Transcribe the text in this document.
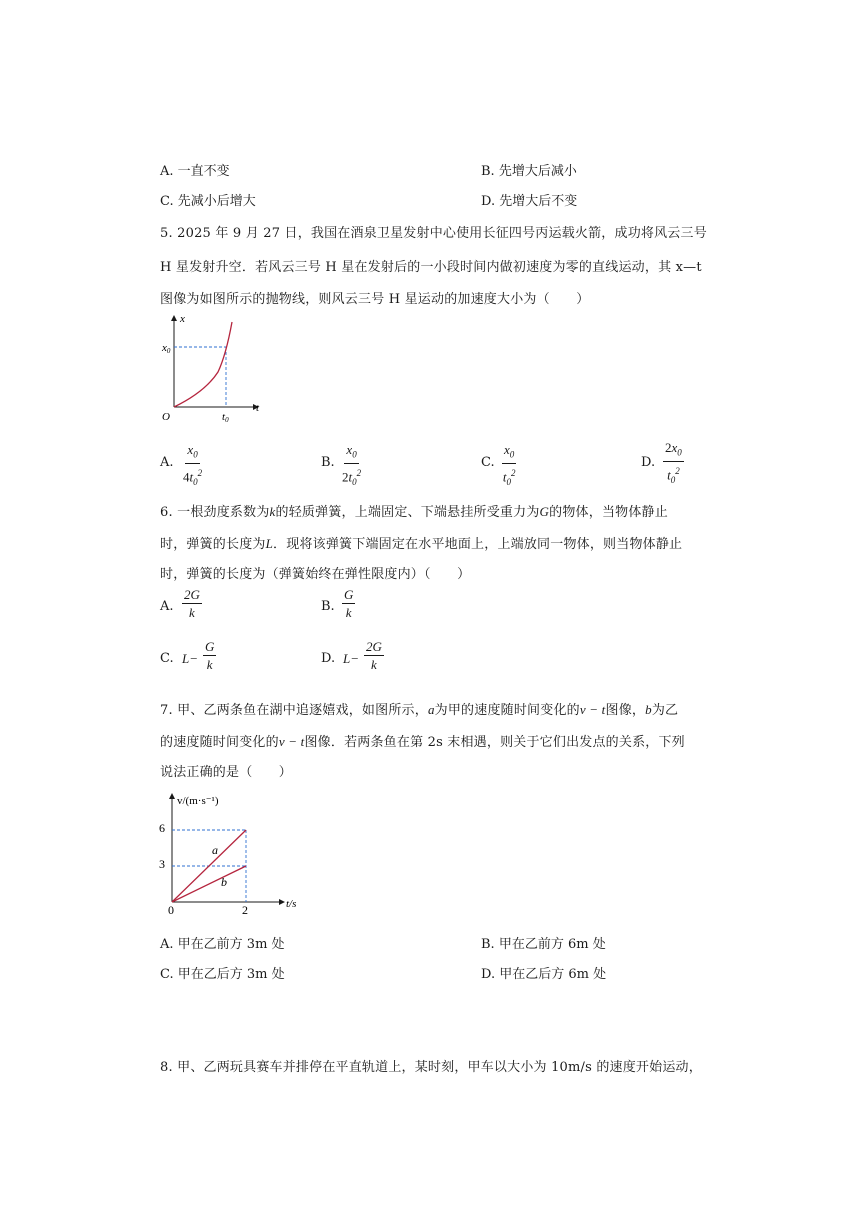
A. 一直不变	B. 先增大后减小
C. 先减小后增大	D. 先增大后不变
5. 2025 年 9 月 27 日，我国在酒泉卫星发射中心使用长征四号丙运载火箭，成功将风云三号
H 星发射升空．若风云三号 H 星在发射后的一小段时间内做初速度为零的直线运动，其 x—t
图像为如图所示的抛物线，则风云三号 H 星运动的加速度大小为（　　）
x
t
O
x0
t0
A. $\frac{x_0}{4t_0^2}$	B. $\frac{x_0}{2t_0^2}$	C. $\frac{x_0}{t_0^2}$	D. $\frac{2x_0}{t_0^2}$
6. 一根劲度系数为k的轻质弹簧，上端固定、下端悬挂所受重力为G的物体，当物体静止
时，弹簧的长度为L．现将该弹簧下端固定在水平地面上，上端放同一物体，则当物体静止
时，弹簧的长度为（弹簧始终在弹性限度内）（　　）
A. $\frac{2G}{k}$	B. $\frac{G}{k}$
C. $L- \frac{G}{k}$	D. $L- \frac{2G}{k}$
7. 甲、乙两条鱼在湖中追逐嬉戏，如图所示，a为甲的速度随时间变化的v − t图像，b为乙
的速度随时间变化的v − t图像．若两条鱼在第 2s 末相遇，则关于它们出发点的关系，下列
说法正确的是（　　）
v/(m·s⁻¹)
t/s
6
3
0	2
a
b
A. 甲在乙前方 3m 处	B. 甲在乙前方 6m 处
C. 甲在乙后方 3m 处	D. 甲在乙后方 6m 处
8. 甲、乙两玩具赛车并排停在平直轨道上，某时刻，甲车以大小为 10m/s 的速度开始运动，
